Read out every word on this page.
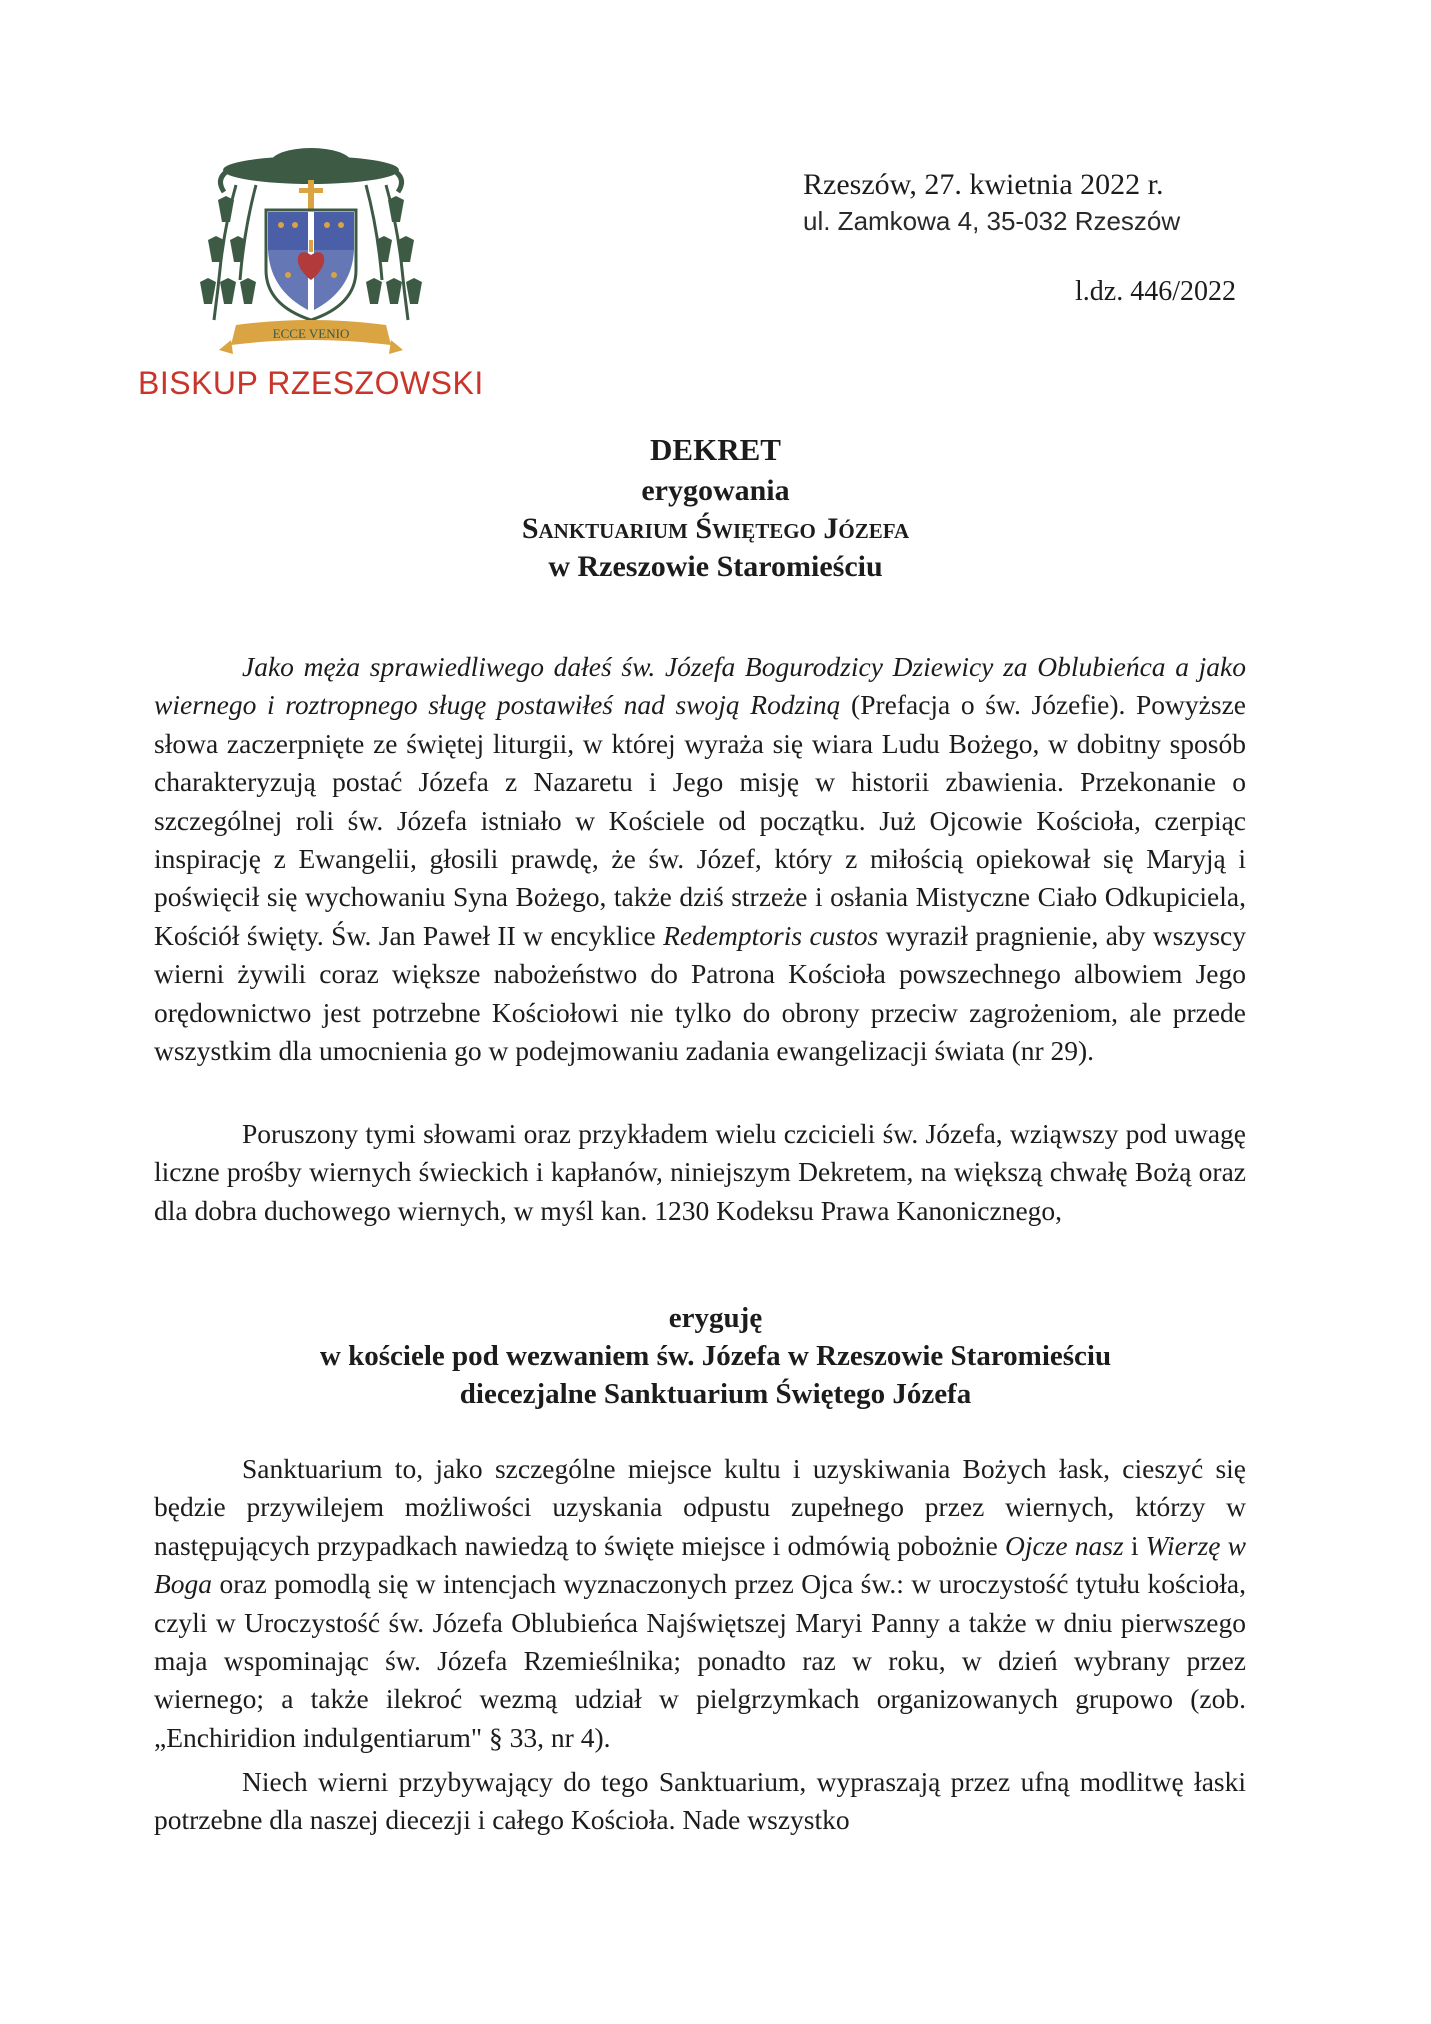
ECCE VENIO
BISKUP RZESZOWSKI
Rzeszów, 27. kwietnia 2022 r.
ul. Zamkowa 4, 35-032 Rzeszów
l.dz. 446/2022
DEKRET
erygowania
Sanktuarium Świętego Józefa
w Rzeszowie Staromieściu
Jako męża sprawiedliwego dałeś św. Józefa Bogurodzicy Dziewicy za Oblubieńca a jako wiernego i roztropnego sługę postawiłeś nad swoją Rodziną (Prefacja o św. Józefie). Powyższe słowa zaczerpnięte ze świętej liturgii, w której wyraża się wiara Ludu Bożego, w dobitny sposób charakteryzują postać Józefa z Nazaretu i Jego misję w historii zbawienia. Przekonanie o szczególnej roli św. Józefa istniało w Kościele od początku. Już Ojcowie Kościoła, czerpiąc inspirację z Ewangelii, głosili prawdę, że św. Józef, który z miłością opiekował się Maryją i poświęcił się wychowaniu Syna Bożego, także dziś strzeże i osłania Mistyczne Ciało Odkupiciela, Kościół święty. Św. Jan Paweł II w encyklice Redemptoris custos wyraził pragnienie, aby wszyscy wierni żywili coraz większe nabożeństwo do Patrona Kościoła powszechnego albowiem Jego orędownictwo jest potrzebne Kościołowi nie tylko do obrony przeciw zagrożeniom, ale przede wszystkim dla umocnienia go w podejmowaniu zadania ewangelizacji świata (nr 29).
Poruszony tymi słowami oraz przykładem wielu czcicieli św. Józefa, wziąwszy pod uwagę liczne prośby wiernych świeckich i kapłanów, niniejszym Dekretem, na większą chwałę Bożą oraz dla dobra duchowego wiernych, w myśl kan. 1230 Kodeksu Prawa Kanonicznego,
eryguję
w kościele pod wezwaniem św. Józefa w Rzeszowie Staromieściu
diecezjalne Sanktuarium Świętego Józefa
Sanktuarium to, jako szczególne miejsce kultu i uzyskiwania Bożych łask, cieszyć się będzie przywilejem możliwości uzyskania odpustu zupełnego przez wiernych, którzy w następujących przypadkach nawiedzą to święte miejsce i odmówią pobożnie Ojcze nasz i Wierzę w Boga oraz pomodlą się w intencjach wyznaczonych przez Ojca św.: w uroczystość tytułu kościoła, czyli w Uroczystość św. Józefa Oblubieńca Najświętszej Maryi Panny a także w dniu pierwszego maja wspominając św. Józefa Rzemieślnika; ponadto raz w roku, w dzień wybrany przez wiernego; a także ilekroć wezmą udział w pielgrzymkach organizowanych grupowo (zob. „Enchiridion indulgentiarum" § 33, nr 4).
Niech wierni przybywający do tego Sanktuarium, wypraszają przez ufną modlitwę łaski potrzebne dla naszej diecezji i całego Kościoła. Nade wszystko
